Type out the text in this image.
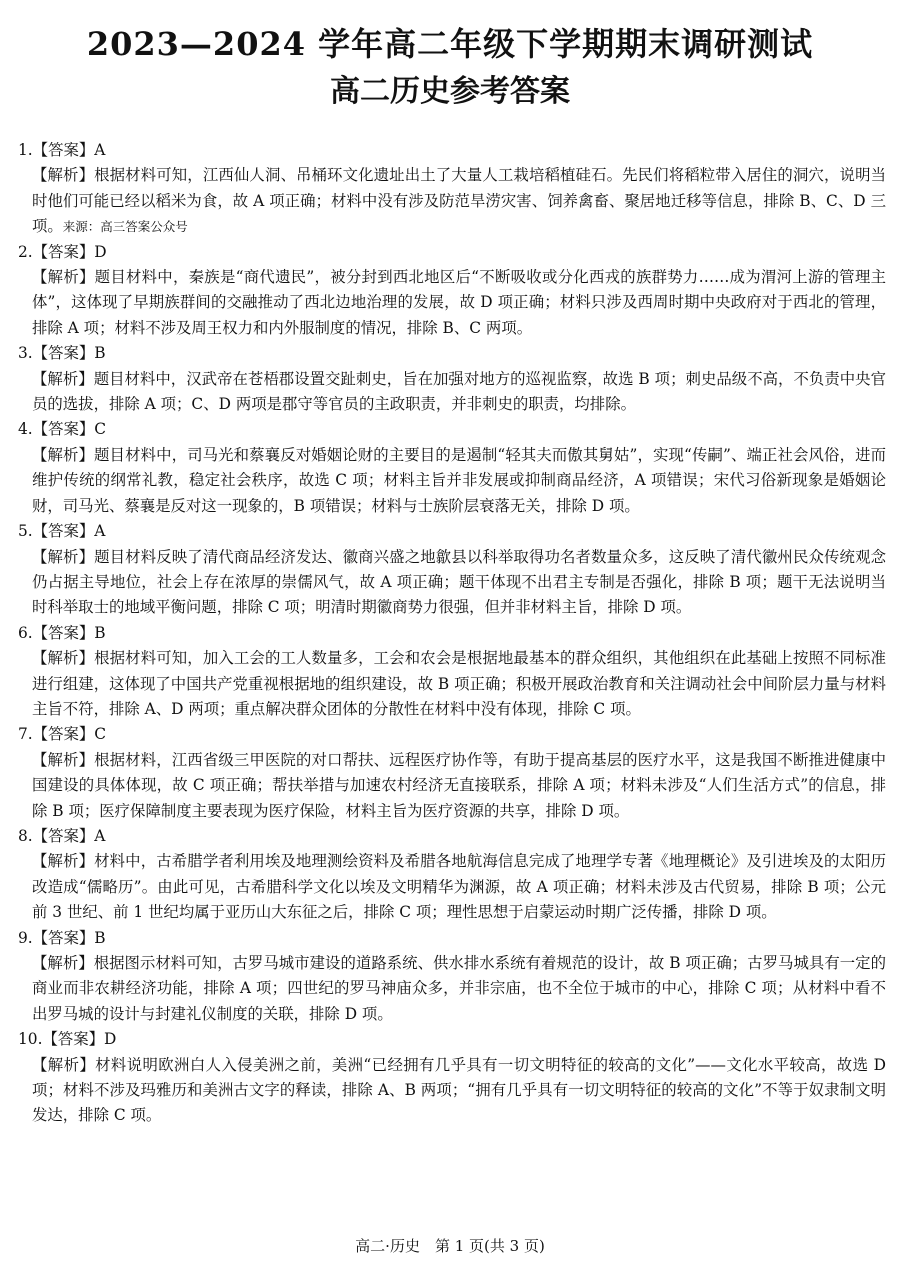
2023—2024 学年高二年级下学期期末调研测试
高二历史参考答案
1.【答案】A
【解析】根据材料可知，江西仙人洞、吊桶环文化遗址出土了大量人工栽培稻植硅石。先民们将稻粒带入居住的洞穴，说明当时他们可能已经以稻米为食，故 A 项正确；材料中没有涉及防范旱涝灾害、饲养禽畜、聚居地迁移等信息，排除 B、C、D 三项。来源：高三答案公众号
2.【答案】D
【解析】题目材料中，秦族是“商代遗民”，被分封到西北地区后“不断吸收或分化西戎的族群势力……成为渭河上游的管理主体”，这体现了早期族群间的交融推动了西北边地治理的发展，故 D 项正确；材料只涉及西周时期中央政府对于西北的管理，排除 A 项；材料不涉及周王权力和内外服制度的情况，排除 B、C 两项。
3.【答案】B
【解析】题目材料中，汉武帝在苍梧郡设置交趾刺史，旨在加强对地方的巡视监察，故选 B 项；刺史品级不高，不负责中央官员的选拔，排除 A 项；C、D 两项是郡守等官员的主政职责，并非刺史的职责，均排除。
4.【答案】C
【解析】题目材料中，司马光和蔡襄反对婚姻论财的主要目的是遏制“轻其夫而傲其舅姑”，实现“传嗣”、端正社会风俗，进而维护传统的纲常礼教，稳定社会秩序，故选 C 项；材料主旨并非发展或抑制商品经济，A 项错误；宋代习俗新现象是婚姻论财，司马光、蔡襄是反对这一现象的，B 项错误；材料与士族阶层衰落无关，排除 D 项。
5.【答案】A
【解析】题目材料反映了清代商品经济发达、徽商兴盛之地歙县以科举取得功名者数量众多，这反映了清代徽州民众传统观念仍占据主导地位，社会上存在浓厚的崇儒风气，故 A 项正确；题干体现不出君主专制是否强化，排除 B 项；题干无法说明当时科举取士的地域平衡问题，排除 C 项；明清时期徽商势力很强，但并非材料主旨，排除 D 项。
6.【答案】B
【解析】根据材料可知，加入工会的工人数量多，工会和农会是根据地最基本的群众组织，其他组织在此基础上按照不同标准进行组建，这体现了中国共产党重视根据地的组织建设，故 B 项正确；积极开展政治教育和关注调动社会中间阶层力量与材料主旨不符，排除 A、D 两项；重点解决群众团体的分散性在材料中没有体现，排除 C 项。
7.【答案】C
【解析】根据材料，江西省级三甲医院的对口帮扶、远程医疗协作等，有助于提高基层的医疗水平，这是我国不断推进健康中国建设的具体体现，故 C 项正确；帮扶举措与加速农村经济无直接联系，排除 A 项；材料未涉及“人们生活方式”的信息，排除 B 项；医疗保障制度主要表现为医疗保险，材料主旨为医疗资源的共享，排除 D 项。
8.【答案】A
【解析】材料中，古希腊学者利用埃及地理测绘资料及希腊各地航海信息完成了地理学专著《地理概论》及引进埃及的太阳历改造成“儒略历”。由此可见，古希腊科学文化以埃及文明精华为渊源，故 A 项正确；材料未涉及古代贸易，排除 B 项；公元前 3 世纪、前 1 世纪均属于亚历山大东征之后，排除 C 项；理性思想于启蒙运动时期广泛传播，排除 D 项。
9.【答案】B
【解析】根据图示材料可知，古罗马城市建设的道路系统、供水排水系统有着规范的设计，故 B 项正确；古罗马城具有一定的商业而非农耕经济功能，排除 A 项；四世纪的罗马神庙众多，并非宗庙，也不全位于城市的中心，排除 C 项；从材料中看不出罗马城的设计与封建礼仪制度的关联，排除 D 项。
10.【答案】D
【解析】材料说明欧洲白人入侵美洲之前，美洲“已经拥有几乎具有一切文明特征的较高的文化”——文化水平较高，故选 D 项；材料不涉及玛雅历和美洲古文字的释读，排除 A、B 两项；“拥有几乎具有一切文明特征的较高的文化”不等于奴隶制文明发达，排除 C 项。
高二·历史　第 1 页(共 3 页)
